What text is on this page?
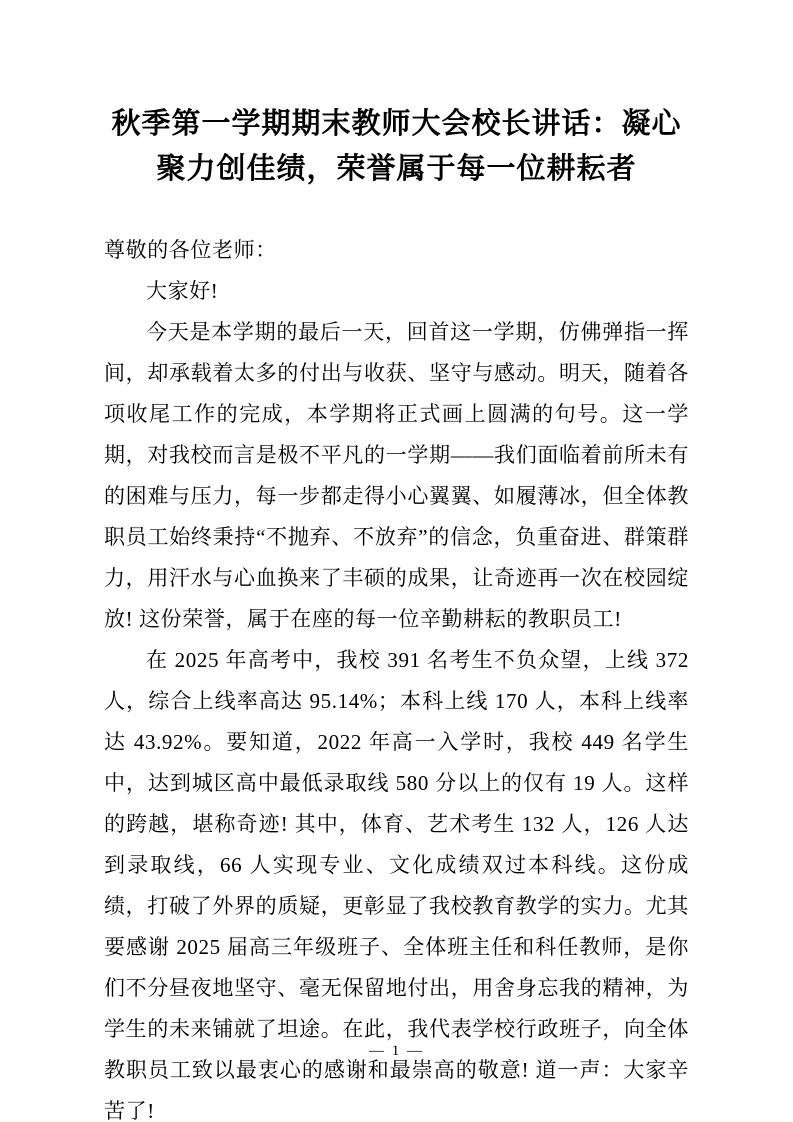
秋季第一学期期末教师大会校长讲话：凝心聚力创佳绩，荣誉属于每一位耕耘者

尊敬的各位老师：

大家好!

今天是本学期的最后一天，回首这一学期，仿佛弹指一挥间，却承载着太多的付出与收获、坚守与感动。明天，随着各项收尾工作的完成，本学期将正式画上圆满的句号。这一学期，对我校而言是极不平凡的一学期——我们面临着前所未有的困难与压力，每一步都走得小心翼翼、如履薄冰，但全体教职员工始终秉持“不抛弃、不放弃”的信念，负重奋进、群策群力，用汗水与心血换来了丰硕的成果，让奇迹再一次在校园绽放! 这份荣誉，属于在座的每一位辛勤耕耘的教职员工!

在 2025 年高考中，我校 391 名考生不负众望，上线 372 人，综合上线率高达 95.14%；本科上线 170 人，本科上线率达 43.92%。要知道，2022 年高一入学时，我校 449 名学生中，达到城区高中最低录取线 580 分以上的仅有 19 人。这样的跨越，堪称奇迹! 其中，体育、艺术考生 132 人，126 人达到录取线，66 人实现专业、文化成绩双过本科线。这份成绩，打破了外界的质疑，更彰显了我校教育教学的实力。尤其要感谢 2025 届高三年级班子、全体班主任和科任教师，是你们不分昼夜地坚守、毫无保留地付出，用舍身忘我的精神，为学生的未来铺就了坦途。在此，我代表学校行政班子，向全体教职员工致以最衷心的感谢和最崇高的敬意! 道一声：大家辛苦了!

— 1 —
